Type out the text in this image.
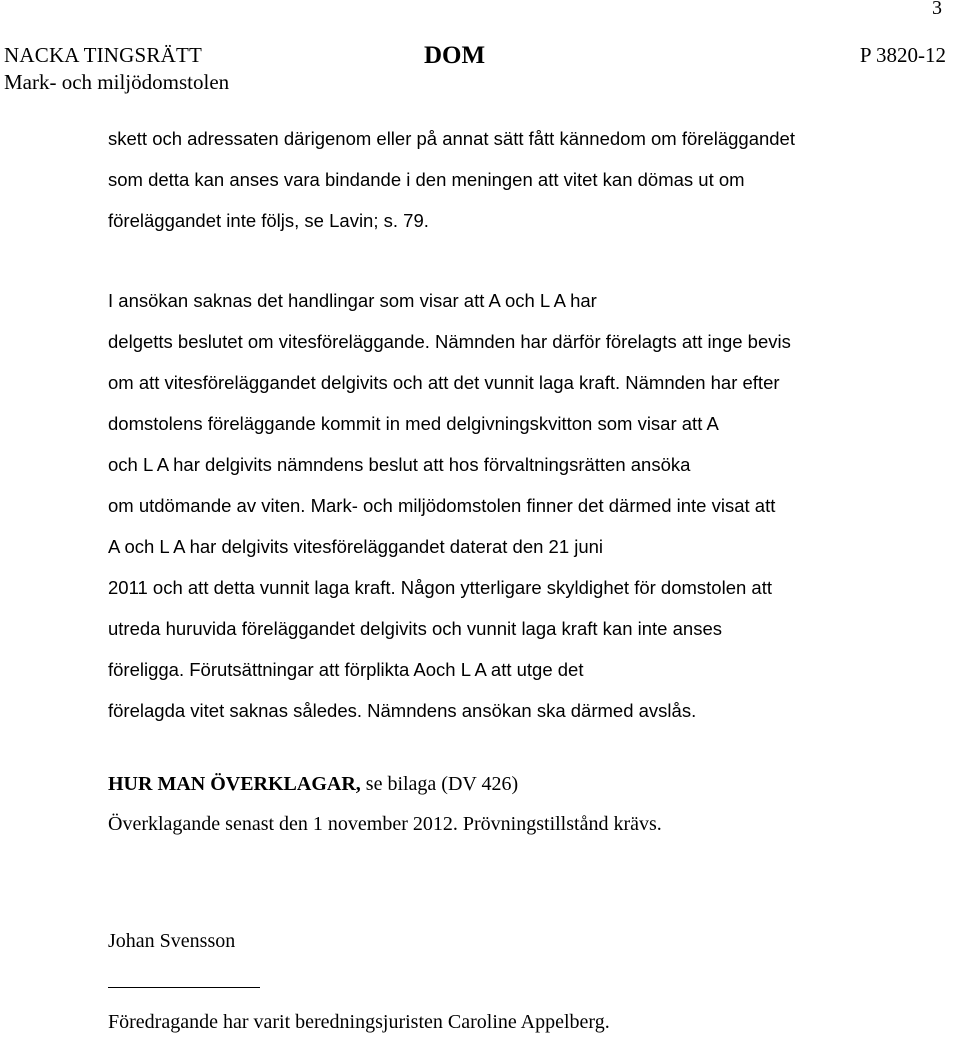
3
NACKA TINGSRÄTT
Mark- och miljödomstolen
DOM	P 3820-12
skett och adressaten därigenom eller på annat sätt fått kännedom om föreläggandet
som detta kan anses vara bindande i den meningen att vitet kan dömas ut om
föreläggandet inte följs, se Lavin; s. 79.
I ansökan saknas det handlingar som visar att A och L A har
delgetts beslutet om vitesföreläggande. Nämnden har därför förelagts att inge bevis
om att vitesföreläggandet delgivits och att det vunnit laga kraft. Nämnden har efter
domstolens föreläggande kommit in med delgivningskvitton som visar att A
och L A har delgivits nämndens beslut att hos förvaltningsrätten ansöka
om utdömande av viten. Mark- och miljödomstolen finner det därmed inte visat att
A och L A har delgivits vitesföreläggandet daterat den 21 juni
2011 och att detta vunnit laga kraft. Någon ytterligare skyldighet för domstolen att
utreda huruvida föreläggandet delgivits och vunnit laga kraft kan inte anses
föreligga. Förutsättningar att förplikta Aoch L A att utge det
förelagda vitet saknas således. Nämndens ansökan ska därmed avslås.
HUR MAN ÖVERKLAGAR, se bilaga (DV 426)
Överklagande senast den 1 november 2012. Prövningstillstånd krävs.
Johan Svensson
Föredragande har varit beredningsjuristen Caroline Appelberg.
